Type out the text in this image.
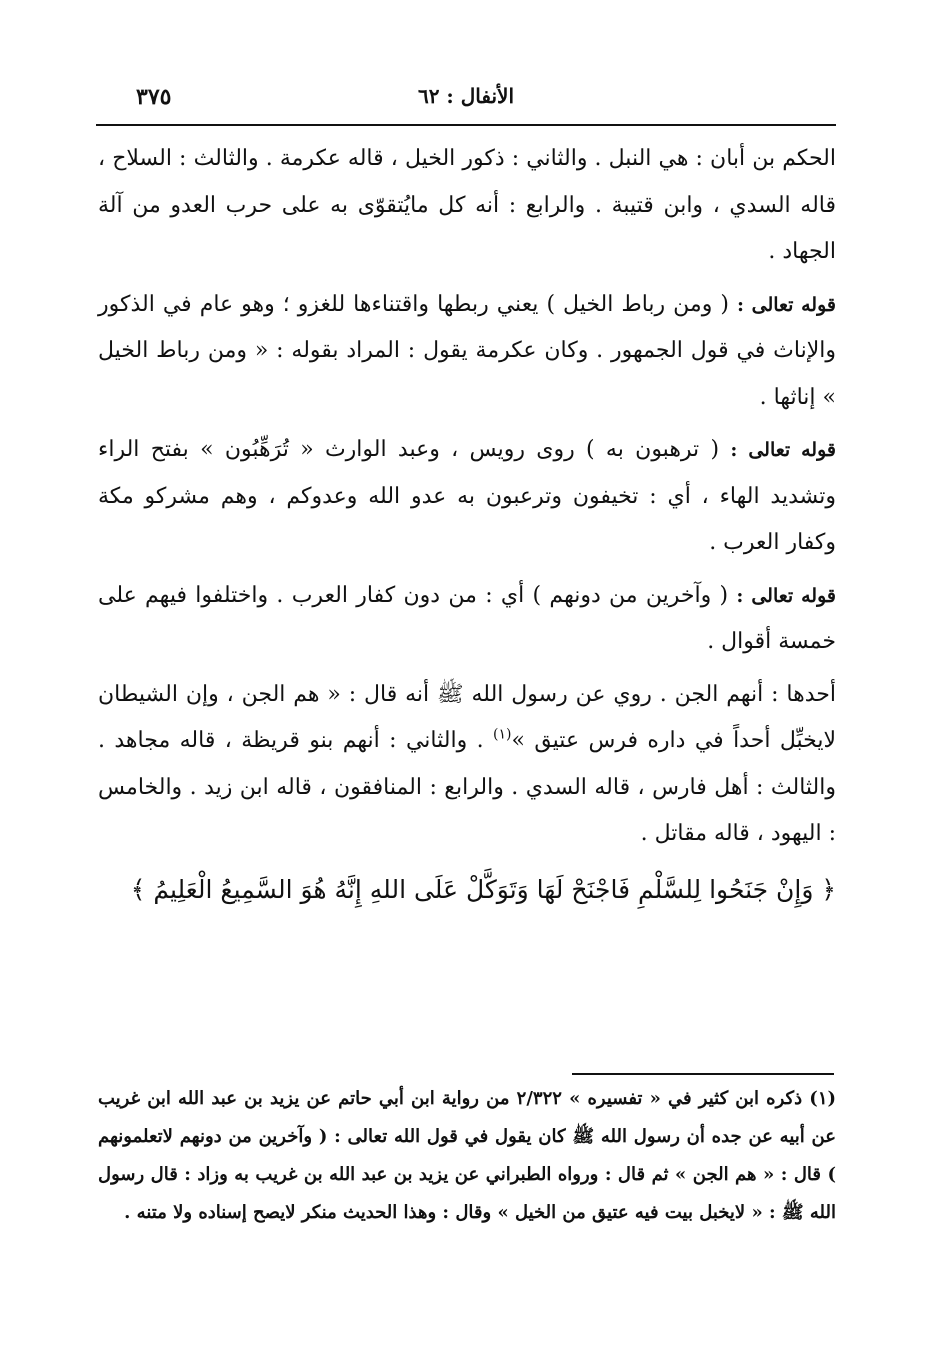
الأنفال : ٦٢
٣٧٥

الحكم بن أبان : هي النبل . والثاني : ذكور الخيل ، قاله عكرمة . والثالث : السلاح ، قاله السدي ، وابن قتيبة . والرابع : أنه كل مايُتقوّى به على حرب العدو من آلة الجهاد .

قوله تعالى : ( ومن رباط الخيل ) يعني ربطها واقتناءها للغزو ؛ وهو عام في الذكور والإناث في قول الجمهور . وكان عكرمة يقول : المراد بقوله : « ومن رباط الخيل » إناثها .

قوله تعالى : ( ترهبون به ) روى رويس ، وعبد الوارث « تُرَهِّبُون » بفتح الراء وتشديد الهاء ، أي : تخيفون وترعبون به عدو الله وعدوكم ، وهم مشركو مكة وكفار العرب .

قوله تعالى : ( وآخرين من دونهم ) أي : من دون كفار العرب . واختلفوا فيهم على خمسة أقوال .

أحدها : أنهم الجن . روي عن رسول الله ﷺ أنه قال : « هم الجن ، وإن الشيطان لايخبِّل أحداً في داره فرس عتيق »$^{(١)}$ . والثاني : أنهم بنو قريظة ، قاله مجاهد . والثالث : أهل فارس ، قاله السدي . والرابع : المنافقون ، قاله ابن زيد . والخامس : اليهود ، قاله مقاتل .

﴿ وَإِنْ جَنَحُوا لِلسَّلْمِ فَاجْنَحْ لَهَا وَتَوَكَّلْ عَلَى اللهِ إِنَّهُ هُوَ السَّمِيعُ الْعَلِيمُ ﴾

(١) ذكره ابن كثير في « تفسيره » ٢/٣٢٢ من رواية ابن أبي حاتم عن يزيد بن عبد الله ابن غريب عن أبيه عن جده أن رسول الله ﷺ كان يقول في قول الله تعالى : ( وآخرين من دونهم لاتعلمونهم ) قال : « هم الجن » ثم قال : ورواه الطبراني عن يزيد بن عبد الله بن غريب به وزاد : قال رسول الله ﷺ : « لايخبل بيت فيه عتيق من الخيل » وقال : وهذا الحديث منكر لايصح إسناده ولا متنه .
